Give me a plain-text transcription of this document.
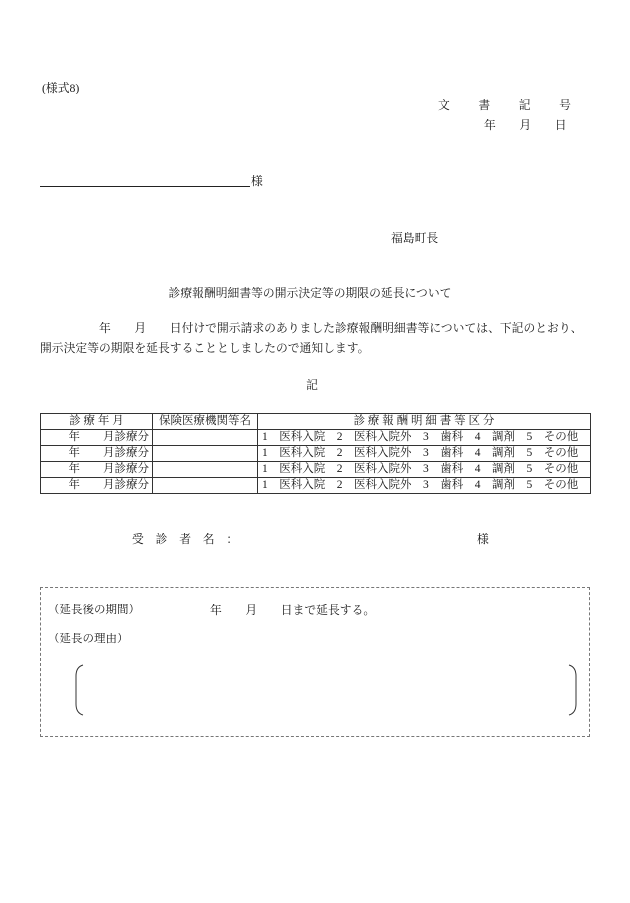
(様式8)
文　書　記　号
年　　月　　日
様
福島町長
診療報酬明細書等の開示決定等の期限の延長について
年　　月　　日付けで開示請求のありました診療報酬明細書等については、下記のとおり、
開示決定等の期限を延長することとしましたので通知します。
記
診 療 年 月	保険医療機関等名	診 療 報 酬 明 細 書 等 区 分
年　　月診療分		1　医科入院　2　医科入院外　3　歯科　4　調剤　5　その他
年　　月診療分		1　医科入院　2　医科入院外　3　歯科　4　調剤　5　その他
年　　月診療分		1　医科入院　2　医科入院外　3　歯科　4　調剤　5　その他
年　　月診療分		1　医科入院　2　医科入院外　3　歯科　4　調剤　5　その他
受　診　者　名　：	様
（延長後の期間）	年　　月　　日まで延長する。
（延長の理由）
